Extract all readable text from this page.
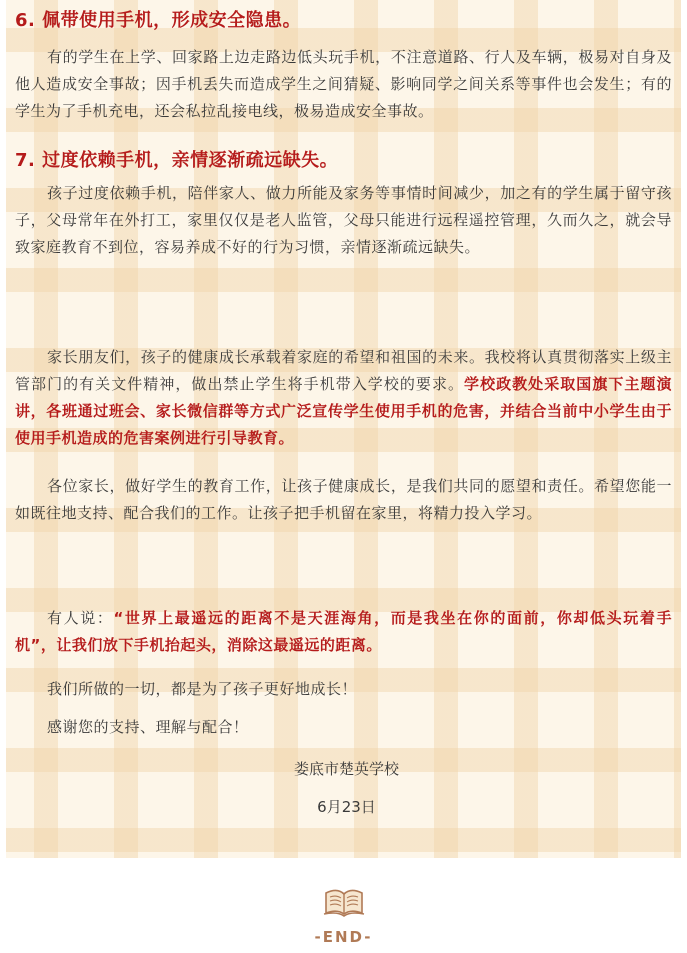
6. 佩带使用手机，形成安全隐患。

有的学生在上学、回家路上边走路边低头玩手机，不注意道路、行人及车辆，极易对自身及他人造成安全事故；因手机丢失而造成学生之间猜疑、影响同学之间关系等事件也会发生；有的学生为了手机充电，还会私拉乱接电线，极易造成安全事故。

7. 过度依赖手机，亲情逐渐疏远缺失。

孩子过度依赖手机，陪伴家人、做力所能及家务等事情时间减少，加之有的学生属于留守孩子，父母常年在外打工，家里仅仅是老人监管，父母只能进行远程遥控管理，久而久之，就会导致家庭教育不到位，容易养成不好的行为习惯，亲情逐渐疏远缺失。

家长朋友们，孩子的健康成长承载着家庭的希望和祖国的未来。我校将认真贯彻落实上级主管部门的有关文件精神，做出禁止学生将手机带入学校的要求。学校政教处采取国旗下主题演讲，各班通过班会、家长微信群等方式广泛宣传学生使用手机的危害，并结合当前中小学生由于使用手机造成的危害案例进行引导教育。

各位家长，做好学生的教育工作，让孩子健康成长，是我们共同的愿望和责任。希望您能一如既往地支持、配合我们的工作。让孩子把手机留在家里，将精力投入学习。

有人说：“世界上最遥远的距离不是天涯海角，而是我坐在你的面前，你却低头玩着手机”，让我们放下手机抬起头，消除这最遥远的距离。

我们所做的一切，都是为了孩子更好地成长！

感谢您的支持、理解与配合！

娄底市楚英学校

6月23日

-END-
